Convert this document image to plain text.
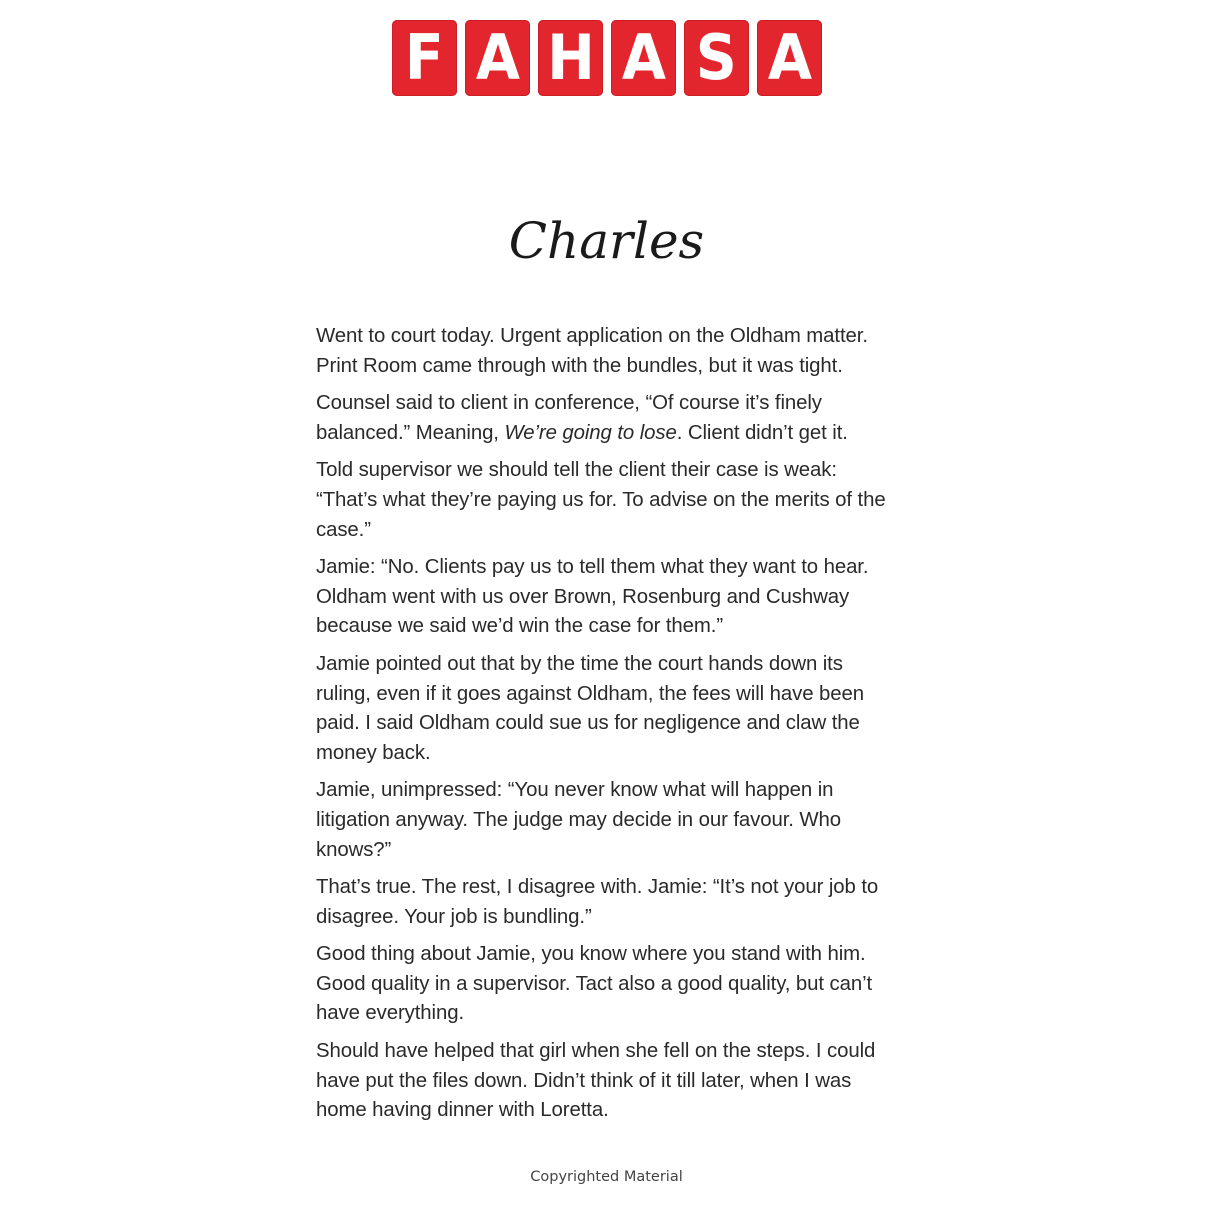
F A H A S A
Charles

Went to court today. Urgent application on the Oldham matter. Print Room came through with the bundles, but it was tight.

Counsel said to client in conference, “Of course it’s finely balanced.” Meaning, We’re going to lose. Client didn’t get it.

Told supervisor we should tell the client their case is weak: “That’s what they’re paying us for. To advise on the merits of the case.”

Jamie: “No. Clients pay us to tell them what they want to hear. Oldham went with us over Brown, Rosenburg and Cushway because we said we’d win the case for them.”

Jamie pointed out that by the time the court hands down its ruling, even if it goes against Oldham, the fees will have been paid. I said Oldham could sue us for negligence and claw the money back.

Jamie, unimpressed: “You never know what will happen in litigation anyway. The judge may decide in our favour. Who knows?”

That’s true. The rest, I disagree with. Jamie: “It’s not your job to disagree. Your job is bundling.”

Good thing about Jamie, you know where you stand with him. Good quality in a supervisor. Tact also a good quality, but can’t have everything.

Should have helped that girl when she fell on the steps. I could have put the files down. Didn’t think of it till later, when I was home having dinner with Loretta.

Copyrighted Material
